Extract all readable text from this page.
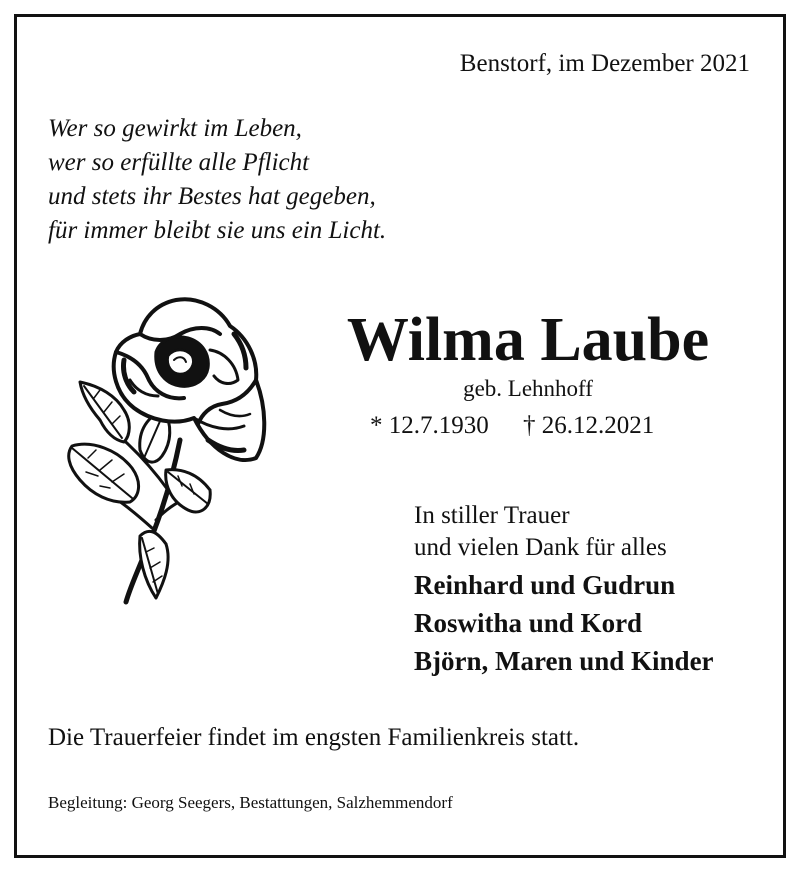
Benstorf, im Dezember 2021
Wer so gewirkt im Leben,
wer so erfüllte alle Pflicht
und stets ihr Bestes hat gegeben,
für immer bleibt sie uns ein Licht.
Wilma Laube
geb. Lehnhoff
* 12.7.1930 † 26.12.2021
In stiller Trauer
und vielen Dank für alles
Reinhard und Gudrun
Roswitha und Kord
Björn, Maren und Kinder
Die Trauerfeier findet im engsten Familienkreis statt.
Begleitung: Georg Seegers, Bestattungen, Salzhemmendorf
